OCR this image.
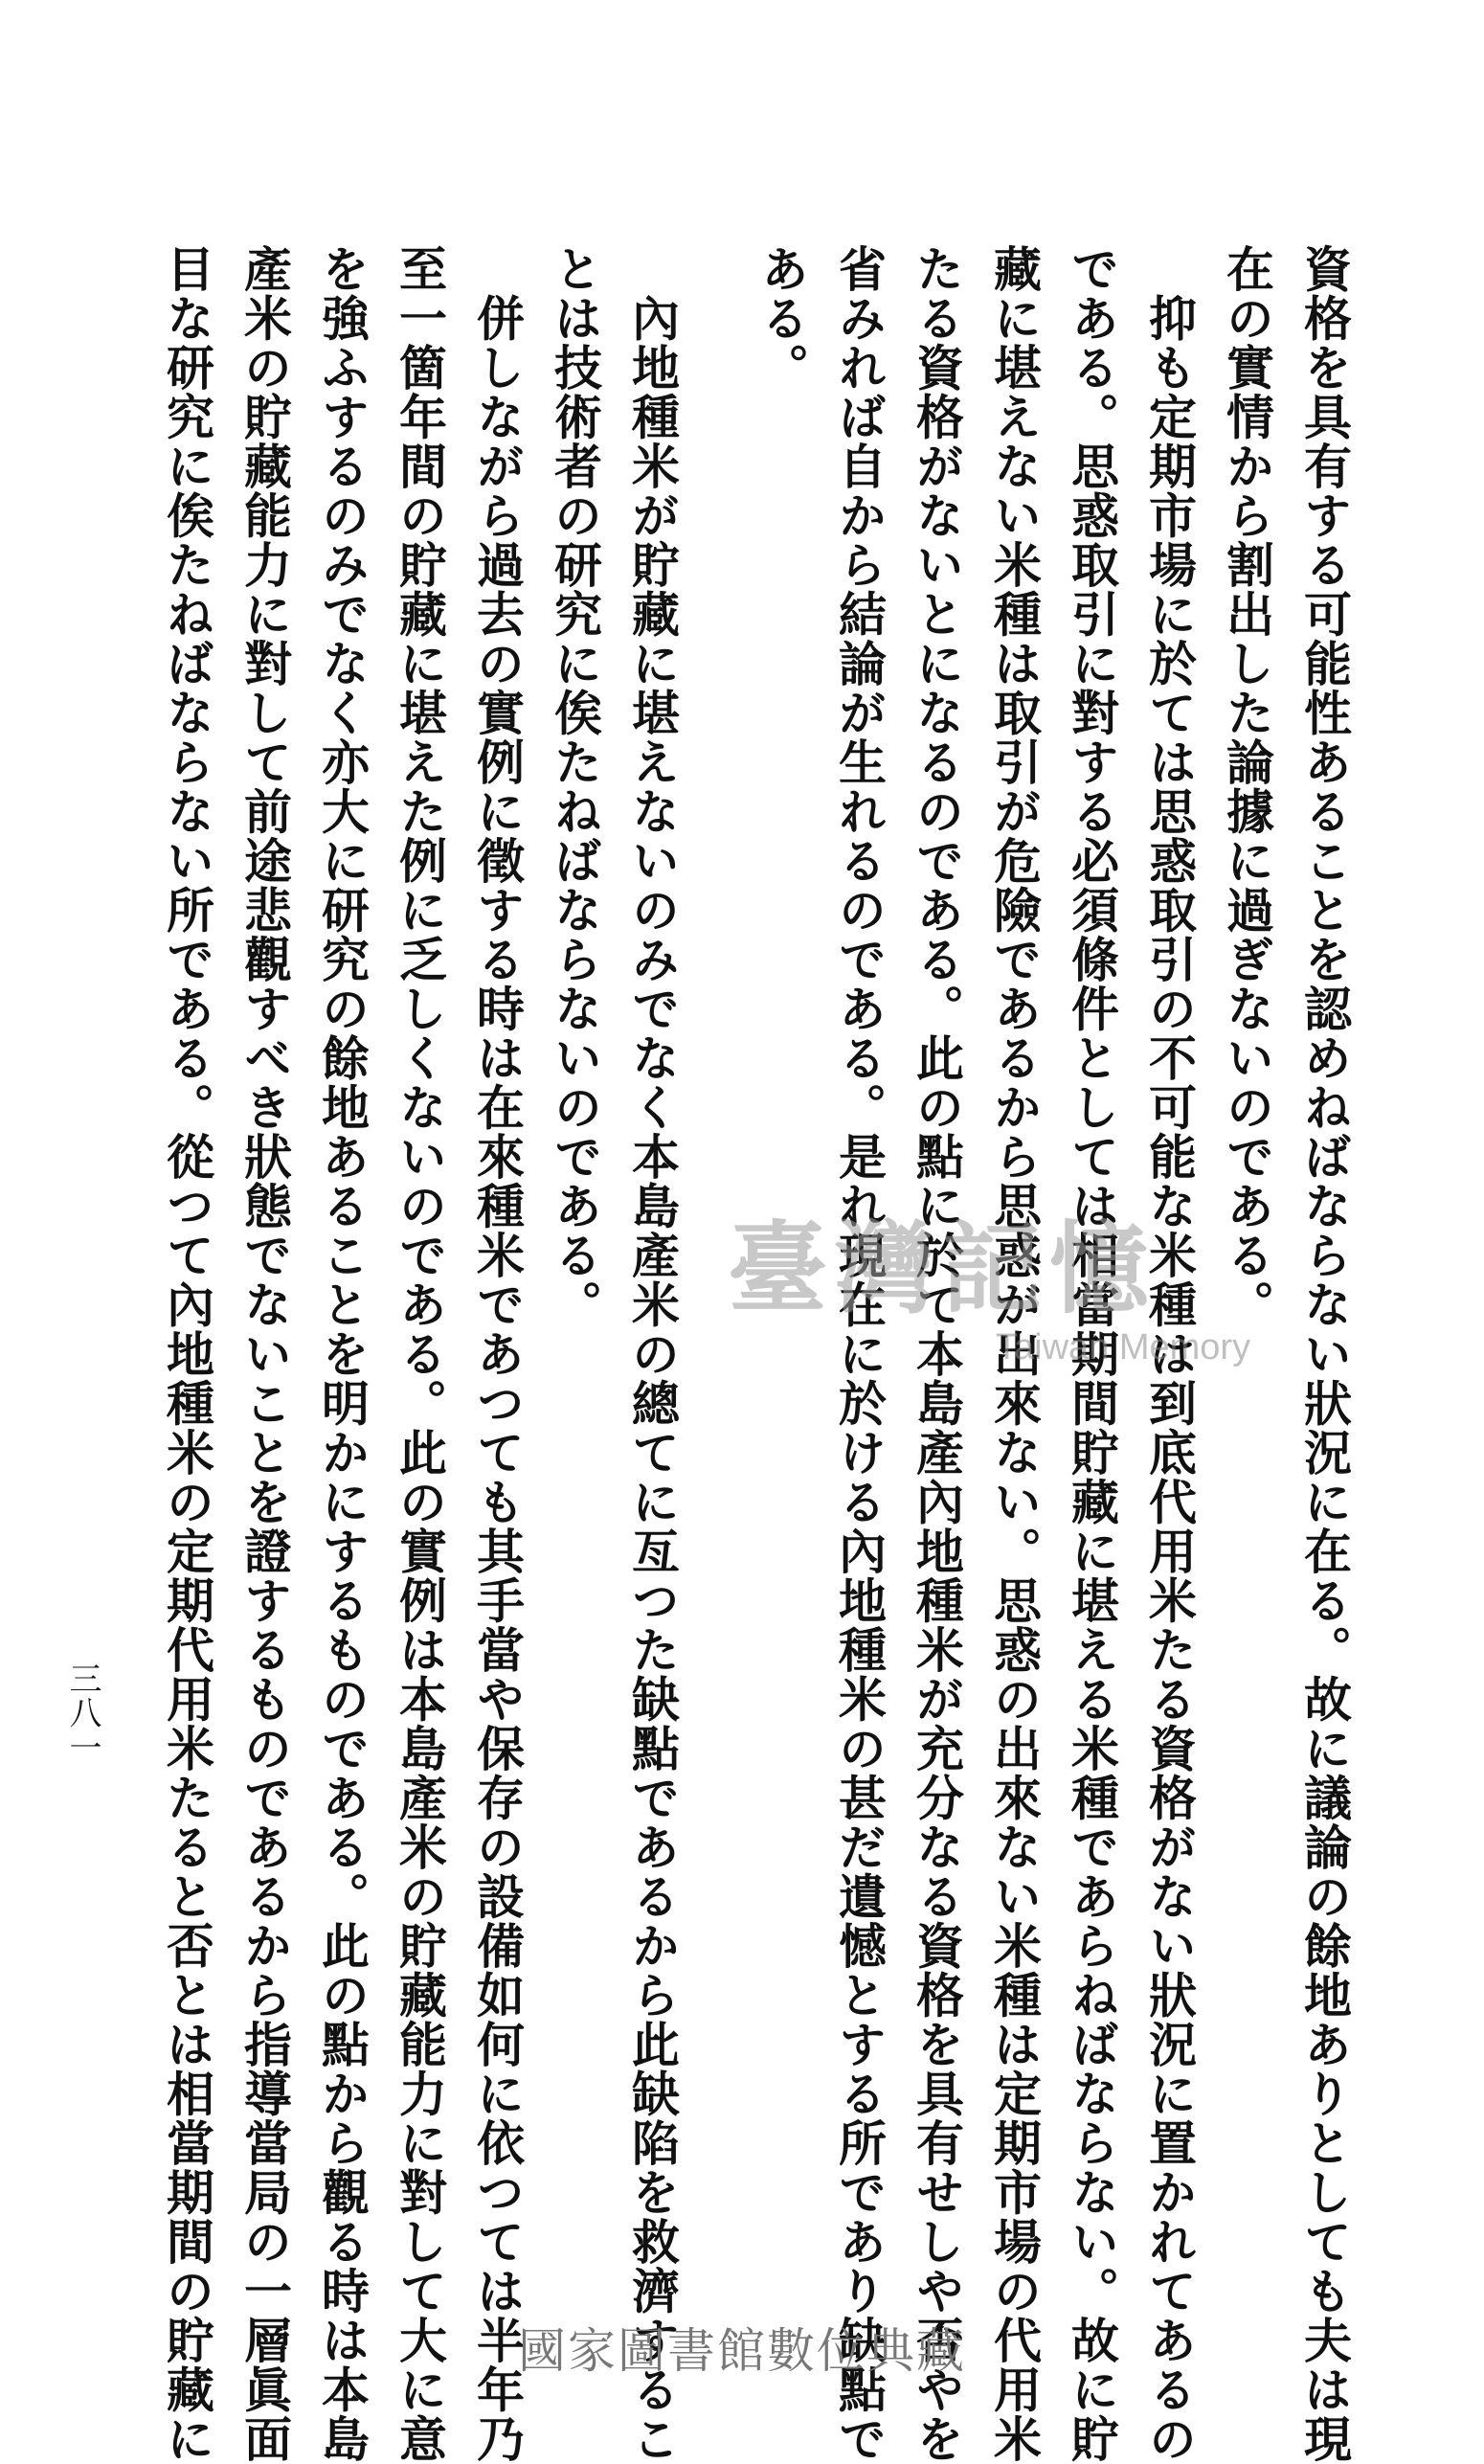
資格を具有する可能性あることを認めねばならない狀況に在る。故に議論の餘地ありとしても夫は現
在の實情から割出した論據に過ぎないのである。
　抑も定期市場に於ては思惑取引の不可能な米種は到底代用米たる資格がない狀況に置かれてあるの
である。思惑取引に對する必須條件としては相當期間貯藏に堪える米種であらねばならない。故に貯
藏に堪えない米種は取引が危險であるから思惑が出來ない。思惑の出來ない米種は定期市場の代用米
たる資格がないとになるのである。此の點に於て本島產內地種米が充分なる資格を具有せしや否やを
省みれば自から結論が生れるのである。是れ現在に於ける內地種米の甚だ遺憾とする所であり缺點で
ある。
　內地種米が貯藏に堪えないのみでなく本島產米の總てに亙つた缺點であるから此缺陷を救濟するこ
とは技術者の研究に俟たねばならないのである。
　併しながら過去の實例に徵する時は在來種米であつても其手當や保存の設備如何に依つては半年乃
至一箇年間の貯藏に堪えた例に乏しくないのである。此の實例は本島產米の貯藏能力に對して大に意
を強ふするのみでなく亦大に研究の餘地あることを明かにするものである。此の點から觀る時は本島
產米の貯藏能力に對して前途悲觀すべき狀態でないことを證するものであるから指導當局の一層眞面
目な研究に俟たねばならない所である。從つて內地種米の定期代用米たると否とは相當期間の貯藏に
三八一
臺灣記憶
Taiwan Memory
國家圖書館數位典藏
